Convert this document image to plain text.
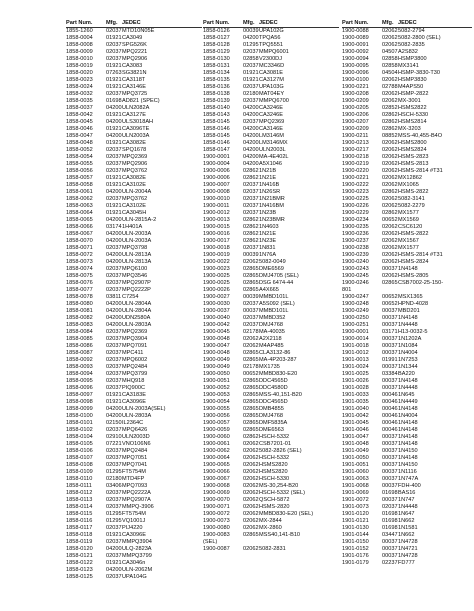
Part Num.	Mfg. JEDEC
1855-1260	02037 MTD10N05E
1858-0004	01921 CA3049
1858-0008	02037 SPG526K
1858-0009	02037 MPQ2221
1858-0010	02037 MPQ2906
1858-0019	01921 CA3083
1858-0020	07263 SG3821N
1858-0023	01921 CA3118T
1858-0024	01921 CA3146E
1858-0032	02037 MPQ3725
1858-0035	01698 AD821 (SPEC)
1858-0037	04200 ULN2082A
1858-0042	01921 CA3127E
1858-0045	04200 ULS3018AH
1858-0046	01921 CA3096TE
1858-0047	04200 ULN2003A
1858-0048	01921 CA3082E
1858-0052	02037 SPQ1678
1858-0054	02037 MPQ2369
1858-0055	02037 MPQ2906
1858-0056	02037 MPQ3762
1858-0057	01921 CA3082E
1858-0058	01921 CA3102E
1858-0061	04200 ULN-2004A
1858-0062	02037 MPQ3762
1858-0063	01921 CA3102E
1858-0064	01921 CA3045H
1858-0065	04200 ULN-2815A-2
1858-0066	03174 1H401A
1858-0067	04200 ULN-2003A
1858-0070	04200 ULN-2003A
1858-0071	02037 MPQ3798
1858-0072	04200 ULN-2813A
1858-0073	04200 ULN-2813A
1858-0074	02037 MPQ6100
1858-0075	02037 MPQ3546
1858-0076	02037 MPQ2907P
1858-0077	02037 MPQ2222P
1858-0078	03811 C7254
1858-0080	04200 ULN-2804A
1858-0081	04200 ULN-2804A
1858-0082	04200 UDN2580A
1858-0083	04200 ULN-2803A
1858-0084	02037 MPQ2369
1858-0085	02037 MPQ3904
1858-0086	02037 MPQ7091
1858-0087	02037 MPC411
1858-0092	02037 MPQ6002
1858-0093	02037 MPQ2484
1858-0094	02037 MPQ3799
1858-0095	02037 MHQ918
1858-0096	02037 PIQ900C
1858-0097	01921 CA3183E
1858-0098	01921 CA3096E
1858-0099	04200 ULN-2003A(SEL)
1858-0100	04200 ULN-2803A
1858-0101	02150 IL2364C
1858-0102	02037 MPQ6426
1858-0104	02910 ULN2003D
1858-0105	07221 VNO106N6
1858-0106	02037 MPQ2484
1858-0107	02037 MPQ7051
1858-0108	02037 MPQ7041
1858-0109	01295 FT5754M
1858-0110	02180 MTD4FP
1858-0111	03406 MPQ7093
1858-0112	02037 MPQ2222A
1858-0113	02037 MPQ2907A
1858-0114	02037 MMPQ-3906
1858-0115	01295 FT5754M
1858-0116	01295 VQ1001J
1858-0117	02037 PIJ4220
1858-0118	01921 CA3096E
1858-0119	02037 MMPQ3904
1858-0120	04200 ULQ-2823A
1858-0121	02037 MMPQ3799
1858-0122	01921 CA3046n
1858-0123	04200 ULN-2062M
1858-0125	02037 UPA104G
Part Num.	Mfg. JEDEC
1858-0126	00039 UPA102G
1858-0127	04200 TPQA56
1858-0128	01295 TPQ5551
1858-0129	02037 MMPQ6001
1858-0130	02858 V2300DJ
1858-0131	02037 MC3346D
1858-0134	01921 CA3081E
1858-0135	01921 CA3127M
1858-0136	02037 UPA103G
1858-0138	02180 MAT04EY
1858-0139	02037 MMPQ6700
1858-0140	04200 CA3246E
1858-0143	04200 CA3246E
1858-0145	02037 MPQ2369
1858-0146	04200 CA3146E
1858-0145	04200 LM3146M
1858-0146	04200 LM3146MX
1858-0147	04200 ULN2003L
1900-0001	04200 MA-4E402L
1900-0004	04200 A5X1046
1900-0006	02862 1N21B
1900-0006	02862 1N21E
1900-0007	02037 1N416B
1900-0008	02037 1N26SR
1900-0010	02037 1N21BMR
1900-0011	02037 1N416BM
1900-0012	02037 1N23B
1900-0013	02862 1N23BMR
1900-0015	02862 1N4603
1900-0016	02862 1N21E
1900-0017	02862 1N23E
1900-0018	02037 1N831
1900-0019	00039 1N76A
1900-0022	02062 5082-0049
1900-0023	02865 DME6569
1900-0025	02865 DMJ4705 (SEL)
1900-0025	02865 DSG 6474-44
1900-0026	02865 A4X665
1900-0027	00039 MMBD101L
1900-0030	02037 A5S092 (SEL)
1900-0037	00037 MMBD101L
1900-0040	02037 MMBD352
1900-0042	02037 DMJ4768
1900-0045	02178 MA-40035
1900-0048	02062 A2X2118
1900-0047	02062 M4AP485
1900-0048	02865 CLA3132-86
1900-0049	02865 MA-4P203-287
1900-0049	02178 MX1735
1900-0050	00652 MMBD830-E20
1900-0051	02865 DDC4565D
1900-0052	02865 DDC4580D
1900-0053	02865 MSS-40,151-B20
1900-0054	02865 DDC4565D
1900-0055	02865 DMB4855
1900-0056	02865 DMJ4768
1900-0057	02865 DMF5835A
1900-0059	02865 DME6563
1900-0060	02862 HSCH-5332
1900-0061	02062 CSB7201-01
1900-0062	02062 5082-2826 (SEL)
1900-0064	02062 HSCH-5332
1900-0065	02062 HSMS2820
1900-0066	02062 HSMS2820
1900-0067	02062 HSCH-5330
1900-0068	02062 MS-30,254-B20
1900-0069	02062 HSCH-5332 (SEL)
1900-0070	02062 QSCH-5872
1900-0071	02062 HSMS-2820
1900-0072	02062 MMBD830-E20 (SEL)
1900-0073	02062 MX-2844
1900-0080	02062 MX-2860
1900-0083	02865 MSS40,141-B10
(SEL)
1900-0087	02062 5082-2831
Part Num.	Mfg. JEDEC
1900-0088	02062 5082-2794
1900-0089	02062 5082-2800 (SEL)
1900-0091	02062 5082-2835
1900-0092	04507 A2S832
1900-0094	02858 HSMP3800
1900-0095	02858 MX3141
1900-0096	04504 HSMP-3830-T30
1900-0100	02062 HSMP3830
1900-0221	02788 M4APS50
1900-0208	02062 HSMP-2822
1900-0209	02062 MX-3001
1900-0205	02852 HSMS2822
1900-0206	02862 HSCH-5330
1900-0207	02862 HSMS2814
1900-0209	02862 MX-3203
1900-0211	08852 MSS-40,455-B4O
1900-0213	02062 HSMS2800
1900-0217	02062 HSMS2824
1900-0218	02062 HSMS-2823
1900-0219	02062 HSMS-2813
1900-0220	02062 HSMS-2814 #T31
1900-0221	02062 MX12862
1900-0222	02062 MX1065
1900-0223	02862 HSMS-2822
1900-0225	02062 5082-3141
1900-0226	02062 5082-2279
1900-0229	02862 MX1577
1900-0234	00652 MX1569
1900-0235	02062 CSC6120
1900-0236	02062 HSMS-2822
1900-0237	02062 MX1567
1900-0238	02062 MX1577
1900-0239	02062 HSMS-2814 #T31
1900-0240	02062 HSMS-2824
1900-0243	00037 1N4148
1900-0245	02062 HSMS-2805
1900-0246	02865 CSB7002-25-150-
801
1900-0247	00652 MSX1365
1900-0248	00652 HPND-4028
1900-0249	00037 MBD201
1900-0250	00037 1N4148
1900-0251	00037 1N4448
1900-0001	03171 H13-0032-5
1900-0014	00037 1N1202A
1901-0018	00037 1N1084
1901-0012	00037 1N4004
1901-0013	01991 1N7253
1901-0024	00037 1N1344
1901-0025	03384 BA220
1901-0026	00037 1N4148
1901-0028	00037 1N4448
1901-0033	00046 1N645
1901-0035	00046 1N4449
1901-0040	00046 1N4148
1901-0042	00046 1N4004
1901-0045	00046 1N4148
1901-0046	00046 1N4148
1901-0047	00037 1N4148
1901-0048	00037 1N4148
1901-0049	00037 1N4150
1901-0050	00037 1N4148
1901-0051	00037 1N4150
1901-0060	00037 1N1116
1901-0063	00037 1N747A
1901-0068	00037 FDH-400
1901-0069	01698 BAS16
1901-0072	00037 1N747
1901-0073	02037 1N4448
1901-0120	01698 1N647
1901-0121	01698 1N662
1901-0130	01698 1N1581
1901-0144	03447 1N662
1901-0150	00037 1N4728
1901-0152	00037 1N4721
1901-0176	00037 1N4728
1901-0179	02237 FD777
